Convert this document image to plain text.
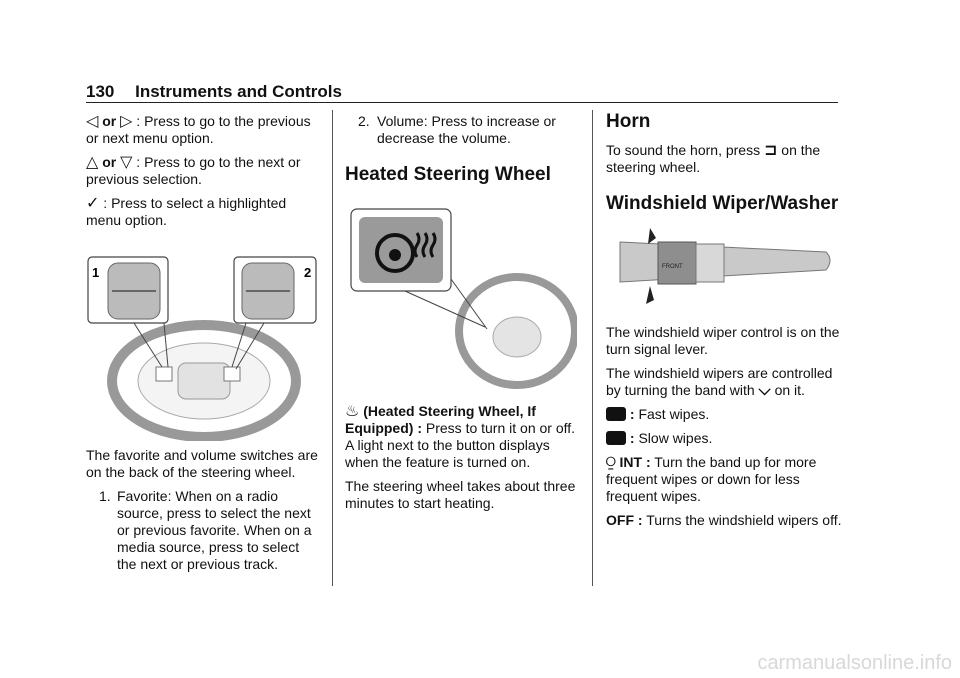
130 Instruments and Controls

◁ or ▷ : Press to go to the previous or next menu option.

△ or ▽ : Press to go to the next or previous selection.

✓ : Press to select a highlighted menu option.

1	2

The favorite and volume switches are on the back of the steering wheel.

1. Favorite: When on a radio source, press to select the next or previous favorite. When on a media source, press to select the next or previous track.
2. Volume: Press to increase or decrease the volume.
Heated Steering Wheel

♨ (Heated Steering Wheel, If Equipped) : Press to turn it on or off. A light next to the button displays when the feature is turned on.

The steering wheel takes about three minutes to start heating.

Horn

To sound the horn, press ⊐ on the steering wheel.

Windshield Wiper/Washer
FRONT

The windshield wiper control is on the turn signal lever.

The windshield wipers are controlled by turning the band with ⌵ on it.

: Fast wipes.

: Slow wipes.

⍜ INT : Turn the band up for more frequent wipes or down for less frequent wipes.

OFF : Turns the windshield wipers off.

carmanualsonline.info
